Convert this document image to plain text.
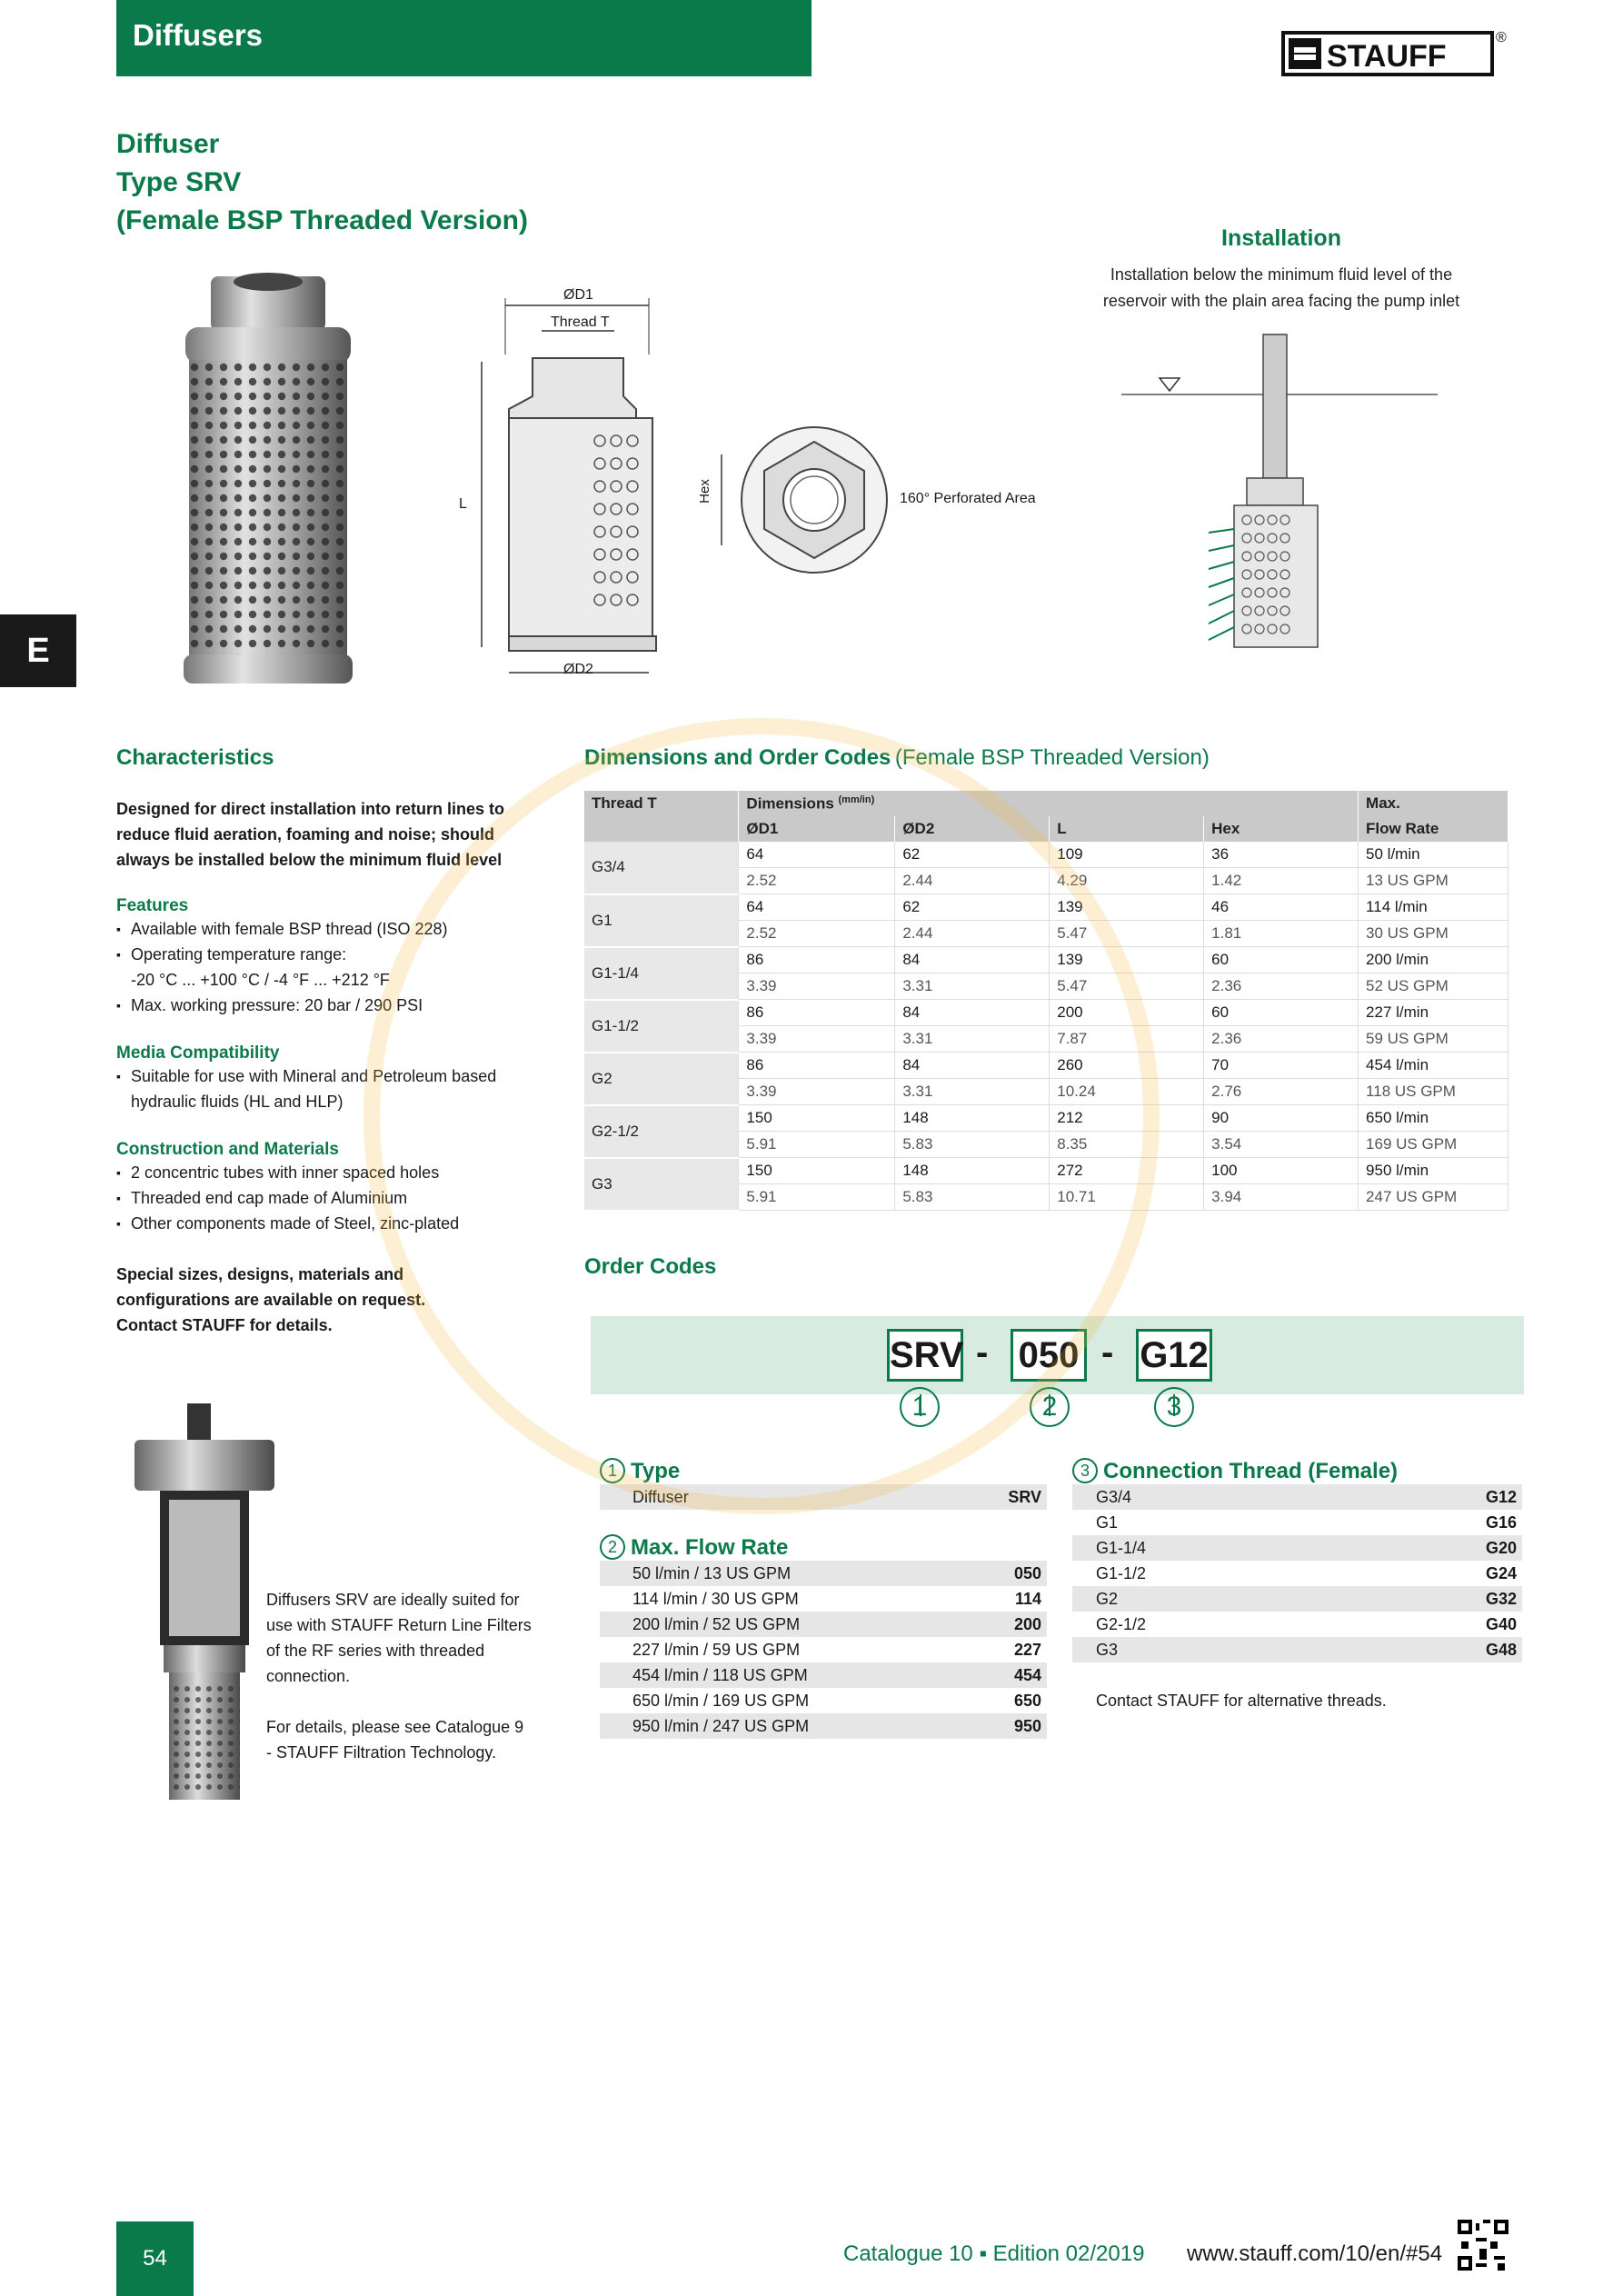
Diffusers
STAUFF
®
E
Diffuser
Type SRV
(Female BSP Threaded Version)
ØD1
Thread T
L
ØD2
Hex	160° Perforated Area
Installation
Installation below the minimum fluid level of the
reservoir with the plain area facing the pump inlet
Characteristics
Designed for direct installation into return lines to
reduce fluid aeration, foaming and noise; should
always be installed below the minimum fluid level
Features
▪ Available with female BSP thread (ISO 228)
▪ Operating temperature range:
-20 °C ... +100 °C / -4 °F ... +212 °F
▪ Max. working pressure: 20 bar / 290 PSI
Media Compatibility
▪ Suitable for use with Mineral and Petroleum based
hydraulic fluids (HL and HLP)
Construction and Materials
▪ 2 concentric tubes with inner spaced holes
▪ Threaded end cap made of Aluminium
▪ Other components made of Steel, zinc-plated
Special sizes, designs, materials and
configurations are available on request.
Contact STAUFF for details.
Diffusers SRV are ideally suited for
use with STAUFF Return Line Filters
of the RF series with threaded
connection.
For details, please see Catalogue 9
- STAUFF Filtration Technology.
Dimensions and Order Codes (Female BSP Threaded Version)
Thread T	Dimensions $^{(mm/in)}$				Max.
	ØD1	ØD2	L	Hex	Flow Rate
G3/4	64	62	109	36	50 l/min
	2.52	2.44	4.29	1.42	13 US GPM
G1	64	62	139	46	114 l/min
	2.52	2.44	5.47	1.81	30 US GPM
G1-1/4	86	84	139	60	200 l/min
	3.39	3.31	5.47	2.36	52 US GPM
G1-1/2	86	84	200	60	227 l/min
	3.39	3.31	7.87	2.36	59 US GPM
G2	86	84	260	70	454 l/min
	3.39	3.31	10.24	2.76	118 US GPM
G2-1/2	150	148	212	90	650 l/min
	5.91	5.83	8.35	3.54	169 US GPM
G3	150	148	272	100	950 l/min
	5.91	5.83	10.71	3.94	247 US GPM
Order Codes
SRV - 050 - G12
1	2	3
1 Type
Diffuser	SRV
2 Max. Flow Rate
50 l/min / 13 US GPM	050
114 l/min / 30 US GPM	114
200 l/min / 52 US GPM	200
227 l/min / 59 US GPM	227
454 l/min / 118 US GPM	454
650 l/min / 169 US GPM	650
950 l/min / 247 US GPM	950
3 Connection Thread (Female)
G3/4	G12
G1	G16
G1-1/4	G20
G1-1/2	G24
G2	G32
G2-1/2	G40
G3	G48
Contact STAUFF for alternative threads.
54	Catalogue 10 ▪ Edition 02/2019 www.stauff.com/10/en/#54
